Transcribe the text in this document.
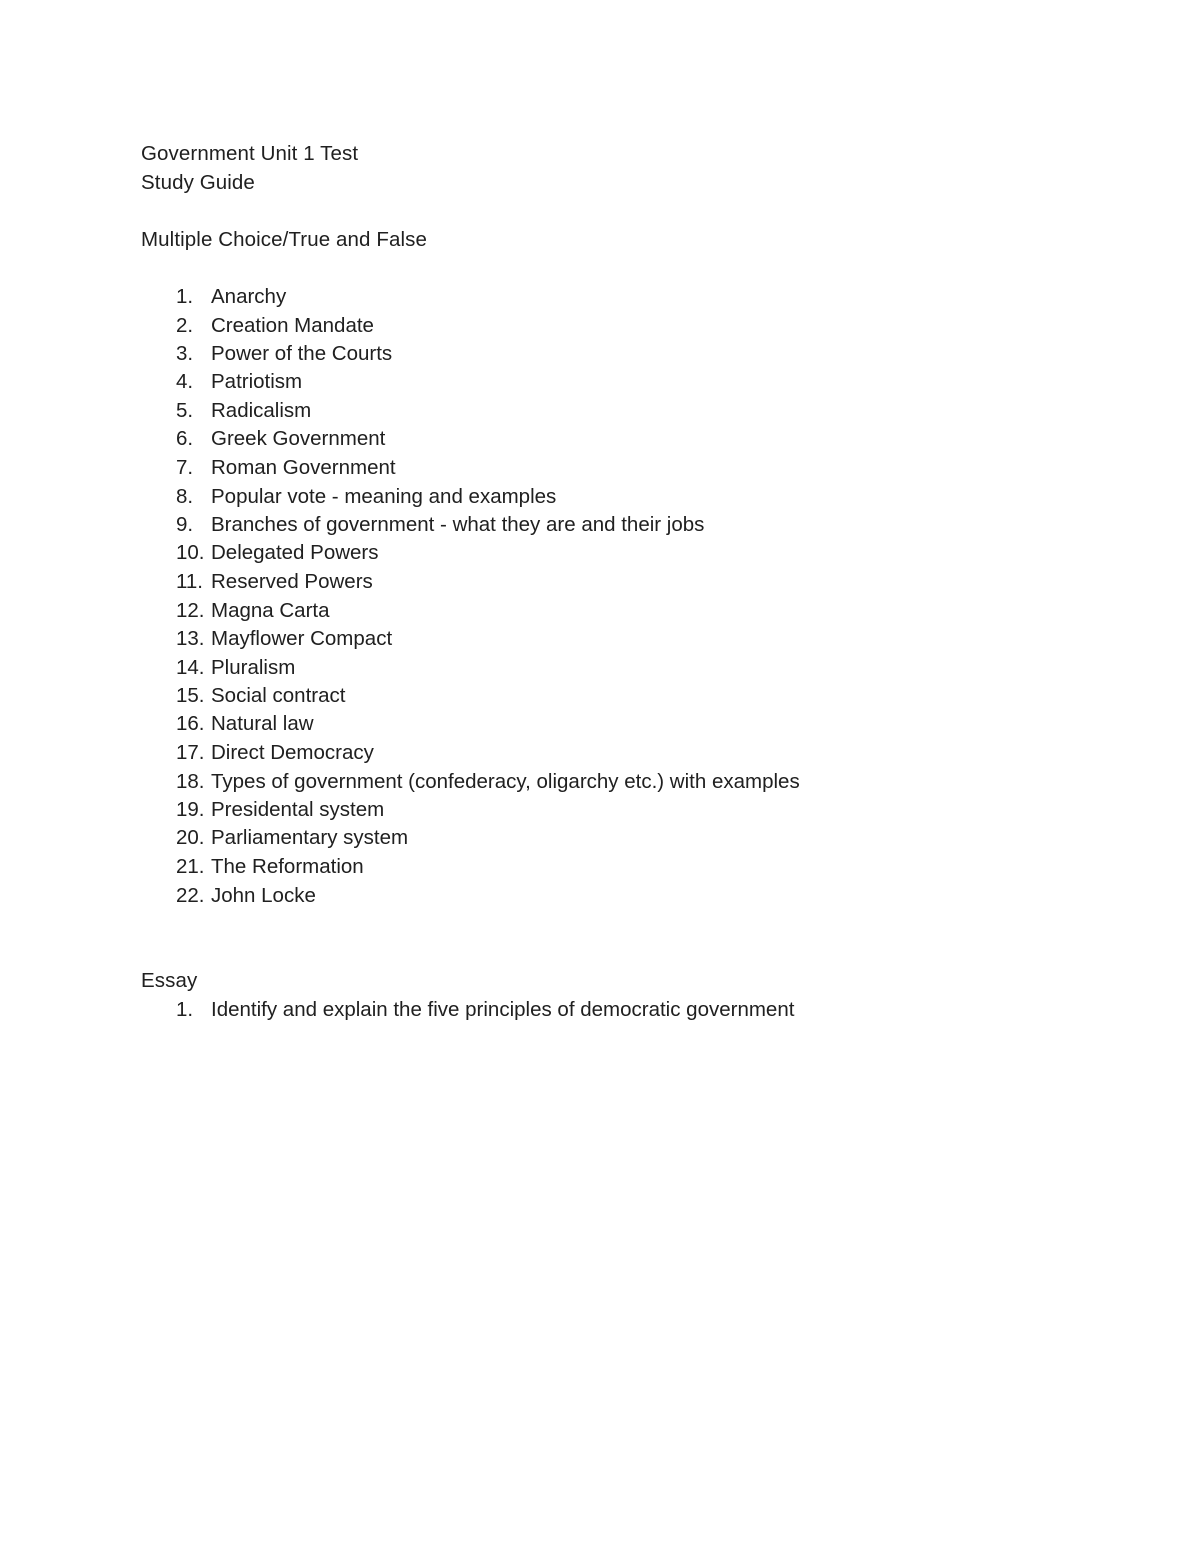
Government Unit 1 Test
Study Guide
Multiple Choice/True and False
1. Anarchy
2. Creation Mandate
3. Power of the Courts
4. Patriotism
5. Radicalism
6. Greek Government
7. Roman Government
8. Popular vote - meaning and examples
9. Branches of government - what they are and their jobs
10. Delegated Powers
11. Reserved Powers
12. Magna Carta
13. Mayflower Compact
14. Pluralism
15. Social contract
16. Natural law
17. Direct Democracy
18. Types of government (confederacy, oligarchy etc.) with examples
19. Presidental system
20. Parliamentary system
21. The Reformation
22. John Locke
Essay
1. Identify and explain the five principles of democratic government
